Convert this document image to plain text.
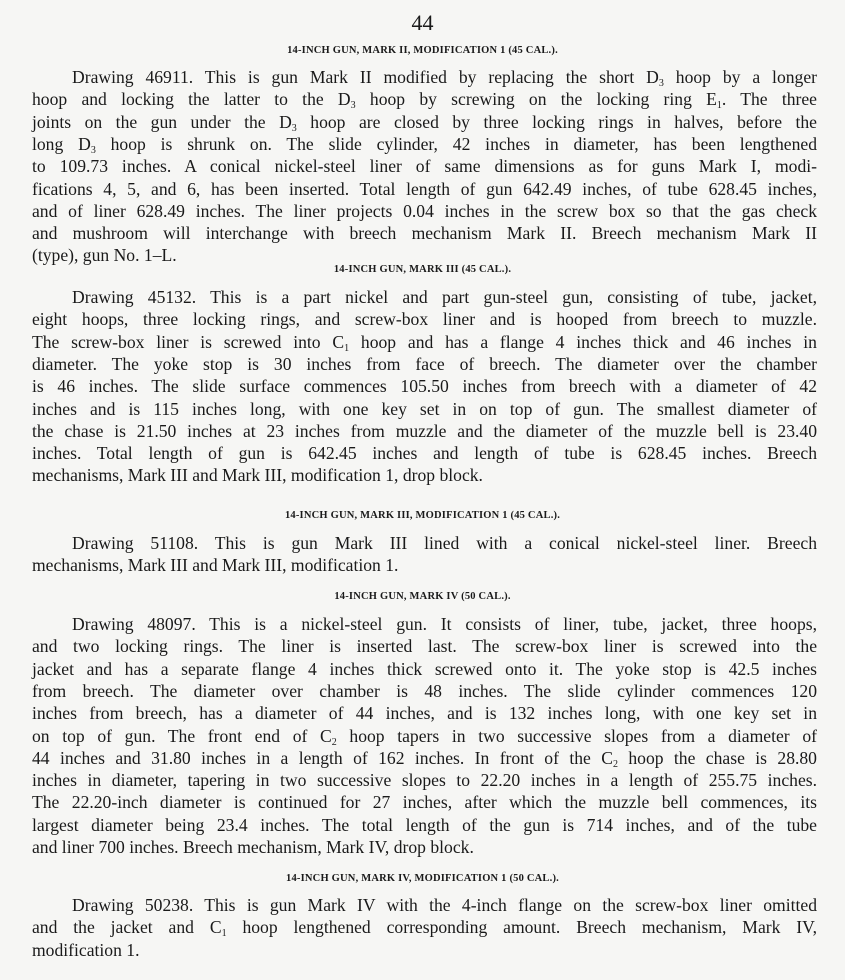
44
14-INCH GUN, MARK II, MODIFICATION 1 (45 CAL.).
Drawing 46911. This is gun Mark II modified by replacing the short $D_3$ hoop by a longer
hoop and locking the latter to the $D_3$ hoop by screwing on the locking ring $E_1$. The three
joints on the gun under the $D_3$ hoop are closed by three locking rings in halves, before the
long $D_3$ hoop is shrunk on. The slide cylinder, 42 inches in diameter, has been lengthened
to 109.73 inches. A conical nickel-steel liner of same dimensions as for guns Mark I, modi-
fications 4, 5, and 6, has been inserted. Total length of gun 642.49 inches, of tube 628.45 inches,
and of liner 628.49 inches. The liner projects 0.04 inches in the screw box so that the gas check
and mushroom will interchange with breech mechanism Mark II. Breech mechanism Mark II
(type), gun No. 1–L.
14-INCH GUN, MARK III (45 CAL.).
Drawing 45132. This is a part nickel and part gun-steel gun, consisting of tube, jacket,
eight hoops, three locking rings, and screw-box liner and is hooped from breech to muzzle.
The screw-box liner is screwed into $C_1$ hoop and has a flange 4 inches thick and 46 inches in
diameter. The yoke stop is 30 inches from face of breech. The diameter over the chamber
is 46 inches. The slide surface commences 105.50 inches from breech with a diameter of 42
inches and is 115 inches long, with one key set in on top of gun. The smallest diameter of
the chase is 21.50 inches at 23 inches from muzzle and the diameter of the muzzle bell is 23.40
inches. Total length of gun is 642.45 inches and length of tube is 628.45 inches. Breech
mechanisms, Mark III and Mark III, modification 1, drop block.
14-INCH GUN, MARK III, MODIFICATION 1 (45 CAL.).
Drawing 51108. This is gun Mark III lined with a conical nickel-steel liner. Breech
mechanisms, Mark III and Mark III, modification 1.
14-INCH GUN, MARK IV (50 CAL.).
Drawing 48097. This is a nickel-steel gun. It consists of liner, tube, jacket, three hoops,
and two locking rings. The liner is inserted last. The screw-box liner is screwed into the
jacket and has a separate flange 4 inches thick screwed onto it. The yoke stop is 42.5 inches
from breech. The diameter over chamber is 48 inches. The slide cylinder commences 120
inches from breech, has a diameter of 44 inches, and is 132 inches long, with one key set in
on top of gun. The front end of $C_2$ hoop tapers in two successive slopes from a diameter of
44 inches and 31.80 inches in a length of 162 inches. In front of the $C_2$ hoop the chase is 28.80
inches in diameter, tapering in two successive slopes to 22.20 inches in a length of 255.75 inches.
The 22.20-inch diameter is continued for 27 inches, after which the muzzle bell commences, its
largest diameter being 23.4 inches. The total length of the gun is 714 inches, and of the tube
and liner 700 inches. Breech mechanism, Mark IV, drop block.
14-INCH GUN, MARK IV, MODIFICATION 1 (50 CAL.).
Drawing 50238. This is gun Mark IV with the 4-inch flange on the screw-box liner omitted
and the jacket and $C_1$ hoop lengthened corresponding amount. Breech mechanism, Mark IV,
modification 1.
